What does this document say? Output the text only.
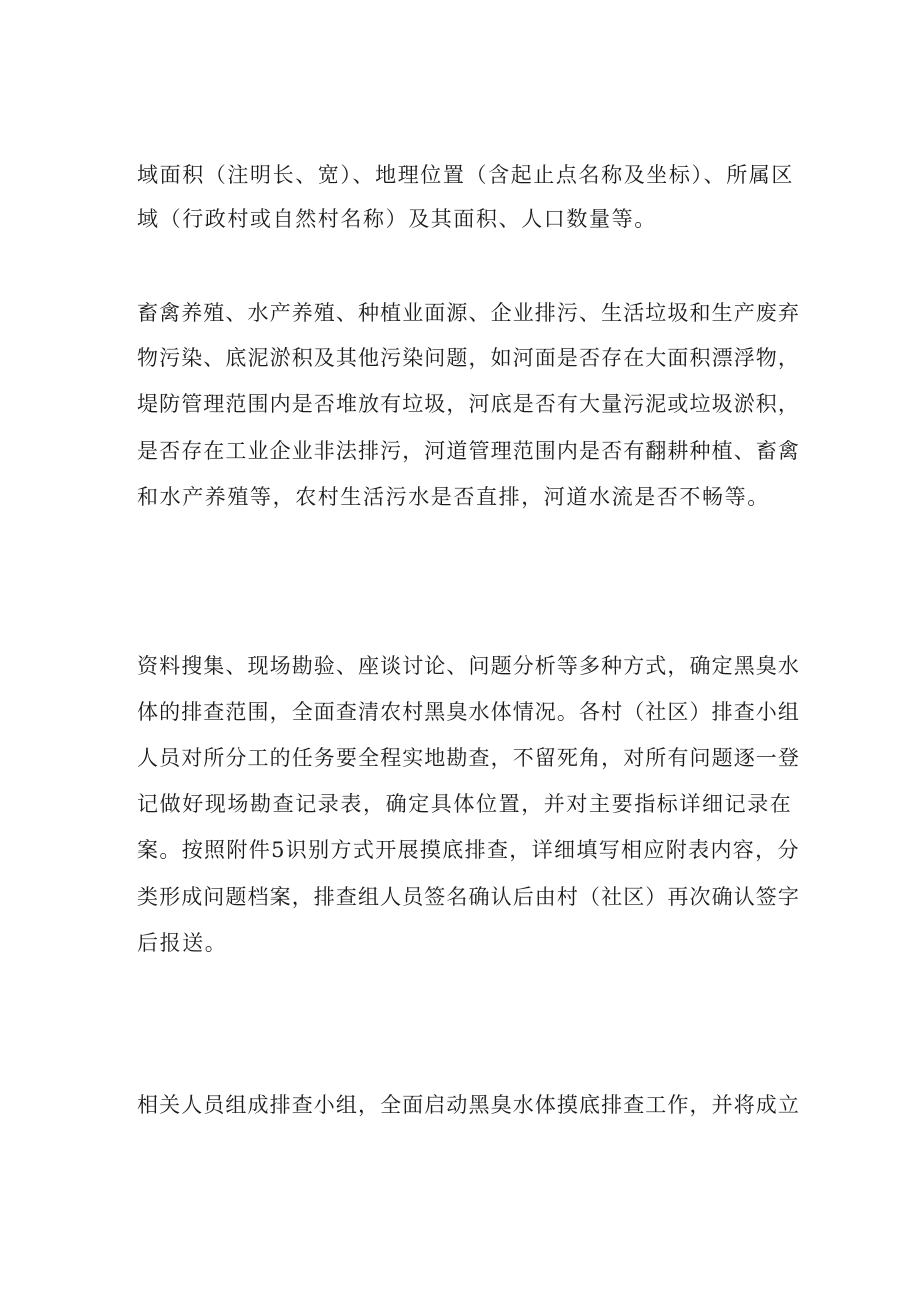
域面积（注明长、宽）、地理位置（含起止点名称及坐标）、所属区
域（行政村或自然村名称）及其面积、人口数量等。
畜禽养殖、水产养殖、种植业面源、企业排污、生活垃圾和生产废弃
物污染、底泥淤积及其他污染问题，如河面是否存在大面积漂浮物，
堤防管理范围内是否堆放有垃圾，河底是否有大量污泥或垃圾淤积，
是否存在工业企业非法排污，河道管理范围内是否有翻耕种植、畜禽
和水产养殖等，农村生活污水是否直排，河道水流是否不畅等。
资料搜集、现场勘验、座谈讨论、问题分析等多种方式，确定黑臭水
体的排查范围，全面查清农村黑臭水体情况。各村（社区）排查小组
人员对所分工的任务要全程实地勘查，不留死角，对所有问题逐一登
记做好现场勘查记录表，确定具体位置，并对主要指标详细记录在
案。按照附件5识别方式开展摸底排查，详细填写相应附表内容，分
类形成问题档案，排查组人员签名确认后由村（社区）再次确认签字
后报送。
相关人员组成排查小组，全面启动黑臭水体摸底排查工作，并将成立
